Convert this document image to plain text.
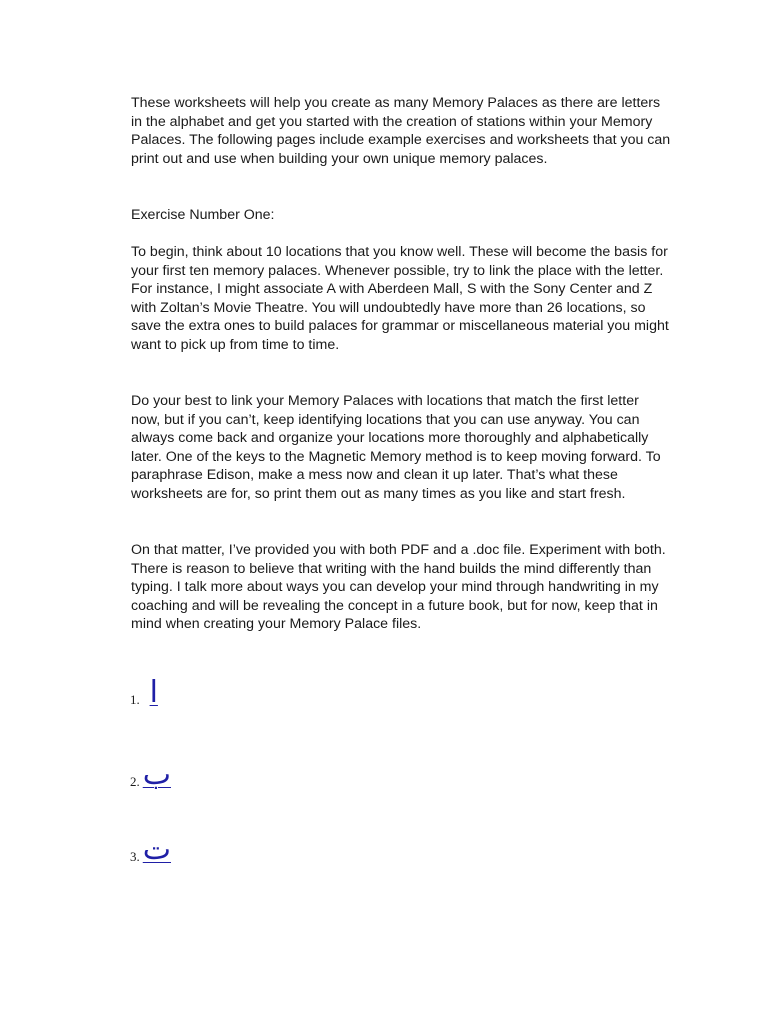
These worksheets will help you create as many Memory Palaces as there are letters in the alphabet and get you started with the creation of stations within your Memory Palaces. The following pages include example exercises and worksheets that you can print out and use when building your own unique memory palaces.

Exercise Number One:

To begin, think about 10 locations that you know well. These will become the basis for your first ten memory palaces. Whenever possible, try to link the place with the letter. For instance, I might associate A with Aberdeen Mall, S with the Sony Center and Z with Zoltan’s Movie Theatre. You will undoubtedly have more than 26 locations, so save the extra ones to build palaces for grammar or miscellaneous material you might want to pick up from time to time.

Do your best to link your Memory Palaces with locations that match the first letter now, but if you can’t, keep identifying locations that you can use anyway. You can always come back and organize your locations more thoroughly and alphabetically later. One of the keys to the Magnetic Memory method is to keep moving forward. To paraphrase Edison, make a mess now and clean it up later. That’s what these worksheets are for, so print them out as many times as you like and start fresh.

On that matter, I’ve provided you with both PDF and a .doc file. Experiment with both. There is reason to believe that writing with the hand builds the mind differently than typing. I talk more about ways you can develop your mind through handwriting in my coaching and will be revealing the concept in a future book, but for now, keep that in mind when creating your Memory Palace files.

1. ا
2. ب
3. ت
